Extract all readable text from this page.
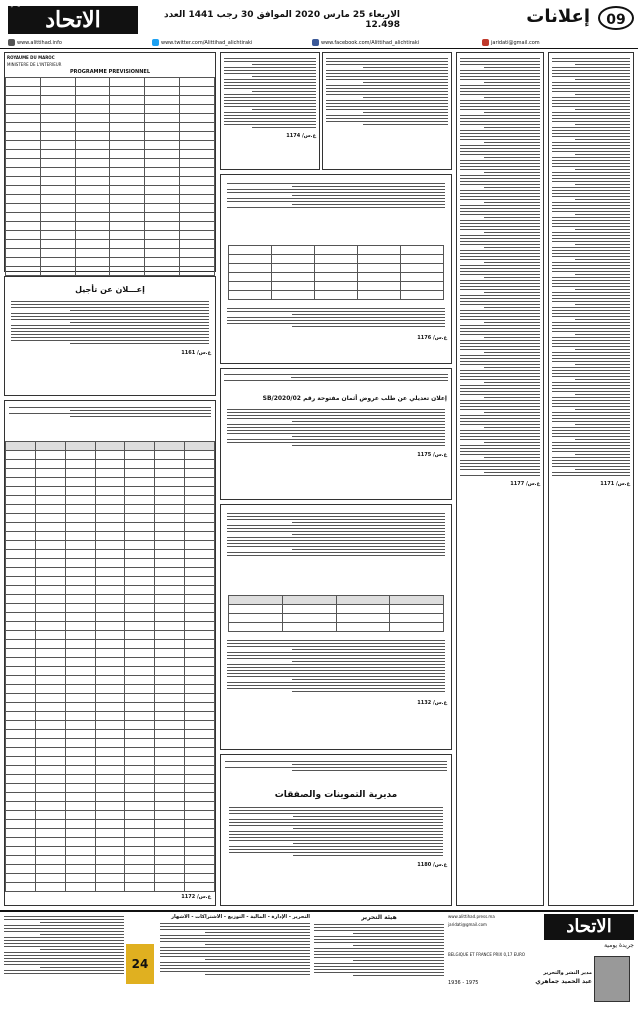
الاتحاد
الاشتراكي
الاربعاء 25 مارس 2020 الموافق 30 رجب 1441 العدد 12.498	إعلانات	09
www.alittihad.info	www.twitter.com/Alittihad_alichtiraki	www.facebook.com/Alittihad_alichtiraki	jaridati@gmail.com
ROYAUME DU MAROC
MINISTERE DE L'INTERIEUR
PROGRAMME PREVISIONNEL

إعـــلان عن تأجيل
ع.س/ 1161

ع.س/ 1172
ع.س/ 1174

ع.س/ 1176
إعلان تعديلي عن طلب عروض أثمان مفتوحة رقم 02/SB/2020
ع.س/ 1175

ع.س/ 1132
مديرية التموينات والصفقات
ع.س/ 1180
ع.س/ 1177	ع.س/ 1171
24
التحرير - الإدارة - المالية - التوزيع - الاشتراكات - الاشهار	هيئة التحرير	الاتحاد
جريدة يومية
www.alittihad.press.ma
jaridati@gmail.com
BELGIQUE ET FRANCE PRIX 0,17 EURO
مدير النشر والتحرير
عبد الحميد جماهري
1936 - 1975
